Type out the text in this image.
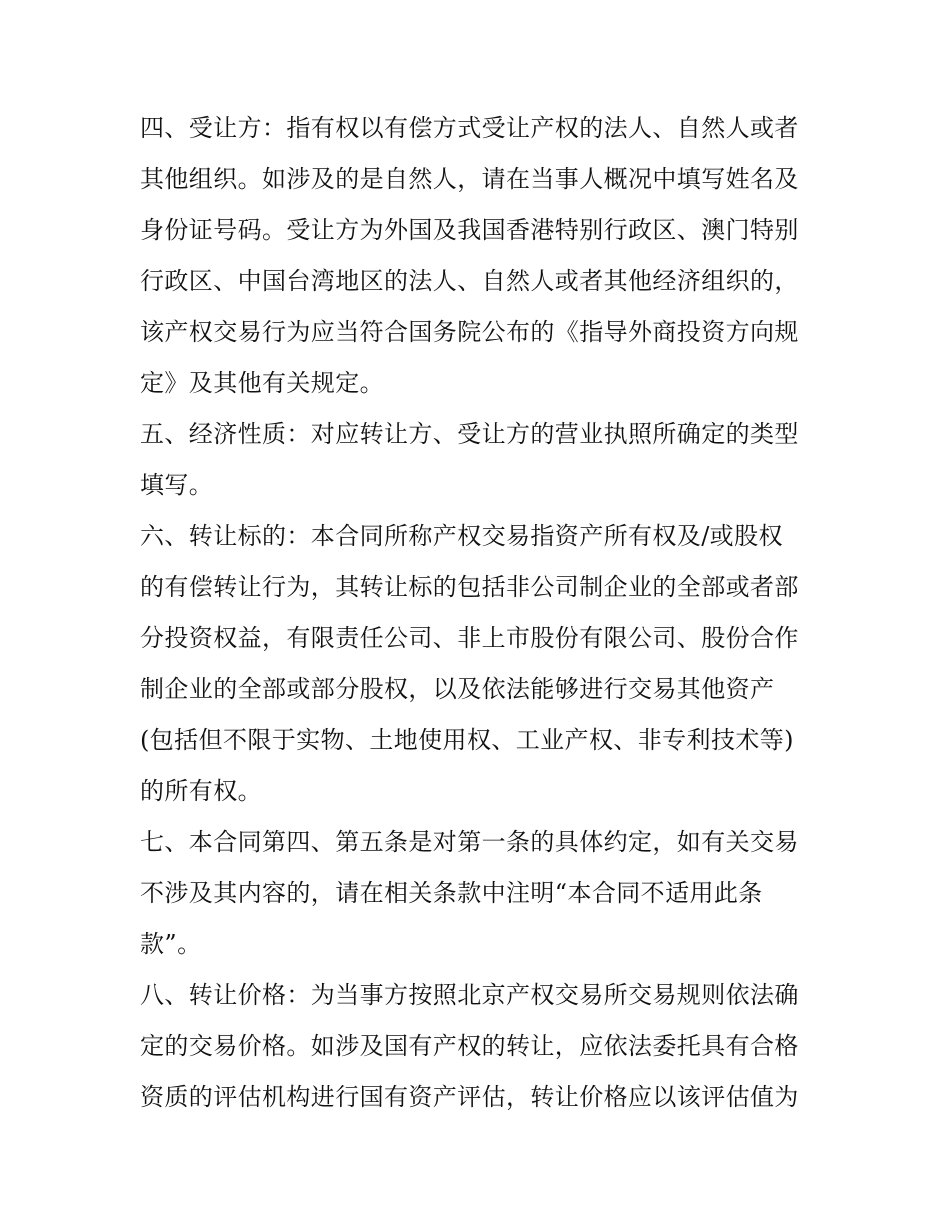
四、受让方：指有权以有偿方式受让产权的法人、自然人或者
其他组织。如涉及的是自然人，请在当事人概况中填写姓名及
身份证号码。受让方为外国及我国香港特别行政区、澳门特别
行政区、中国台湾地区的法人、自然人或者其他经济组织的，
该产权交易行为应当符合国务院公布的《指导外商投资方向规
定》及其他有关规定。
五、经济性质：对应转让方、受让方的营业执照所确定的类型
填写。
六、转让标的：本合同所称产权交易指资产所有权及/或股权
的有偿转让行为，其转让标的包括非公司制企业的全部或者部
分投资权益，有限责任公司、非上市股份有限公司、股份合作
制企业的全部或部分股权，以及依法能够进行交易其他资产
(包括但不限于实物、土地使用权、工业产权、非专利技术等)
的所有权。
七、本合同第四、第五条是对第一条的具体约定，如有关交易
不涉及其内容的，请在相关条款中注明“本合同不适用此条
款”。
八、转让价格：为当事方按照北京产权交易所交易规则依法确
定的交易价格。如涉及国有产权的转让，应依法委托具有合格
资质的评估机构进行国有资产评估，转让价格应以该评估值为
